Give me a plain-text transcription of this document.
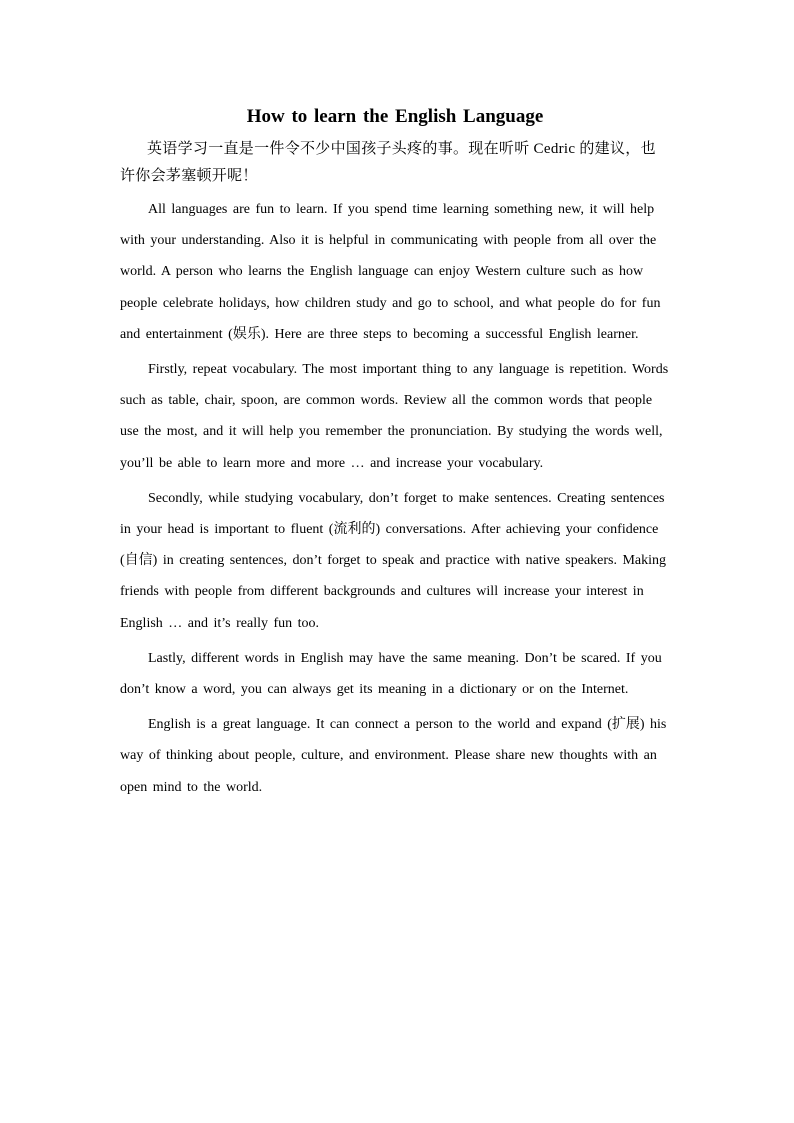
How to learn the English Language

英语学习一直是一件令不少中国孩子头疼的事。现在听听 Cedric 的建议，也许你会茅塞顿开呢！

All languages are fun to learn. If you spend time learning something new, it will help with your understanding. Also it is helpful in communicating with people from all over the world. A person who learns the English language can enjoy Western culture such as how people celebrate holidays, how children study and go to school, and what people do for fun and entertainment (娱乐). Here are three steps to becoming a successful English learner.

Firstly, repeat vocabulary. The most important thing to any language is repetition. Words such as table, chair, spoon, are common words. Review all the common words that people use the most, and it will help you remember the pronunciation. By studying the words well, you’ll be able to learn more and more … and increase your vocabulary.

Secondly, while studying vocabulary, don’t forget to make sentences. Creating sentences in your head is important to fluent (流利的) conversations. After achieving your confidence (自信) in creating sentences, don’t forget to speak and practice with native speakers. Making friends with people from different backgrounds and cultures will increase your interest in English … and it’s really fun too.

Lastly, different words in English may have the same meaning. Don’t be scared. If you don’t know a word, you can always get its meaning in a dictionary or on the Internet.

English is a great language. It can connect a person to the world and expand (扩展) his way of thinking about people, culture, and environment. Please share new thoughts with an open mind to the world.
